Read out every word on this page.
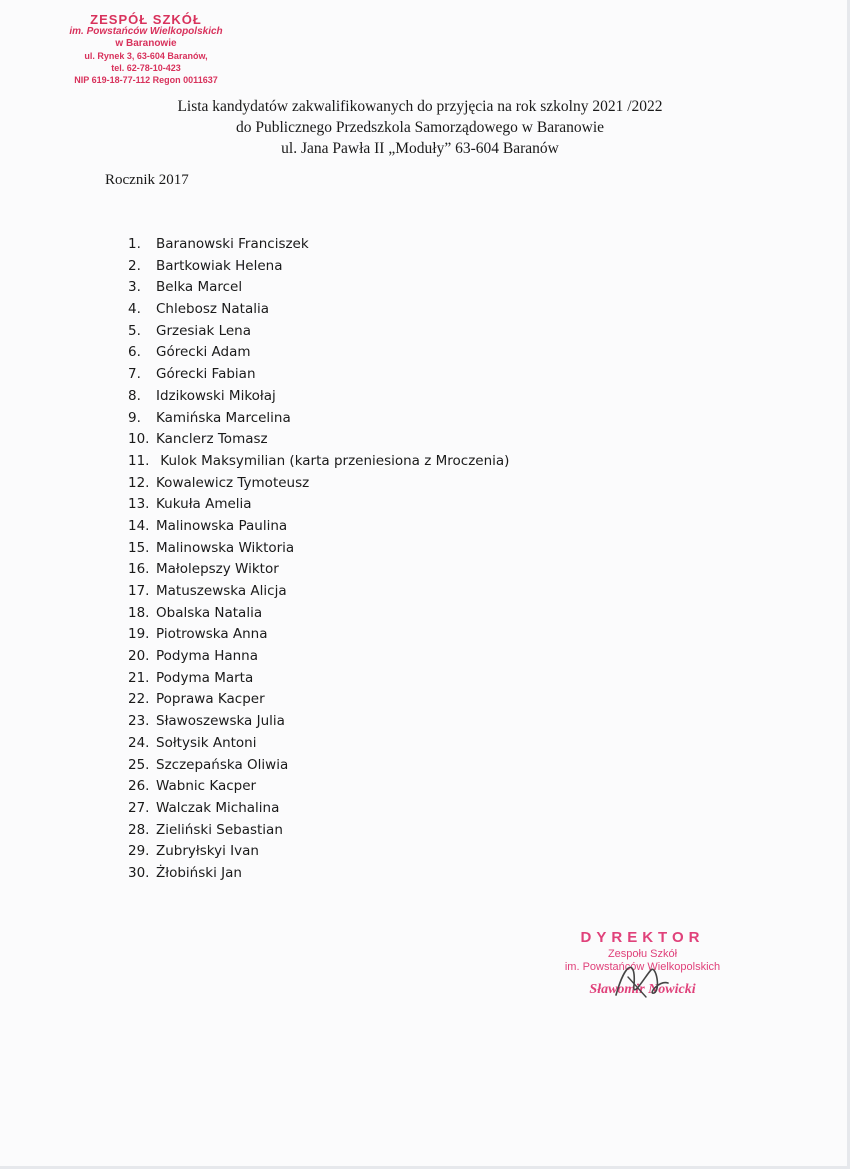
ZESPÓŁ SZKÓŁ
im. Powstańców Wielkopolskich
w Baranowie
ul. Rynek 3, 63-604 Baranów,
tel. 62-78-10-423
NIP 619-18-77-112 Regon 0011637
Lista kandydatów zakwalifikowanych do przyjęcia na rok szkolny 2021 /2022
do Publicznego Przedszkola Samorządowego w Baranowie
ul. Jana Pawła II „Moduły” 63-604 Baranów
Rocznik 2017
1. Baranowski Franciszek
2. Bartkowiak Helena
3. Belka Marcel
4. Chlebosz Natalia
5. Grzesiak Lena
6. Górecki Adam
7. Górecki Fabian
8. Idzikowski Mikołaj
9. Kamińska Marcelina
10. Kanclerz Tomasz
11. Kulok Maksymilian (karta przeniesiona z Mroczenia)
12. Kowalewicz Tymoteusz
13. Kukuła Amelia
14. Malinowska Paulina
15. Malinowska Wiktoria
16. Małolepszy Wiktor
17. Matuszewska Alicja
18. Obalska Natalia
19. Piotrowska Anna
20. Podyma Hanna
21. Podyma Marta
22. Poprawa Kacper
23. Sławoszewska Julia
24. Sołtysik Antoni
25. Szczepańska Oliwia
26. Wabnic Kacper
27. Walczak Michalina
28. Zieliński Sebastian
29. Zubryłskyi Ivan
30. Żłobiński Jan
DYREKTOR
Zespołu Szkół
im. Powstańców Wielkopolskich
Sławomir Nowicki
